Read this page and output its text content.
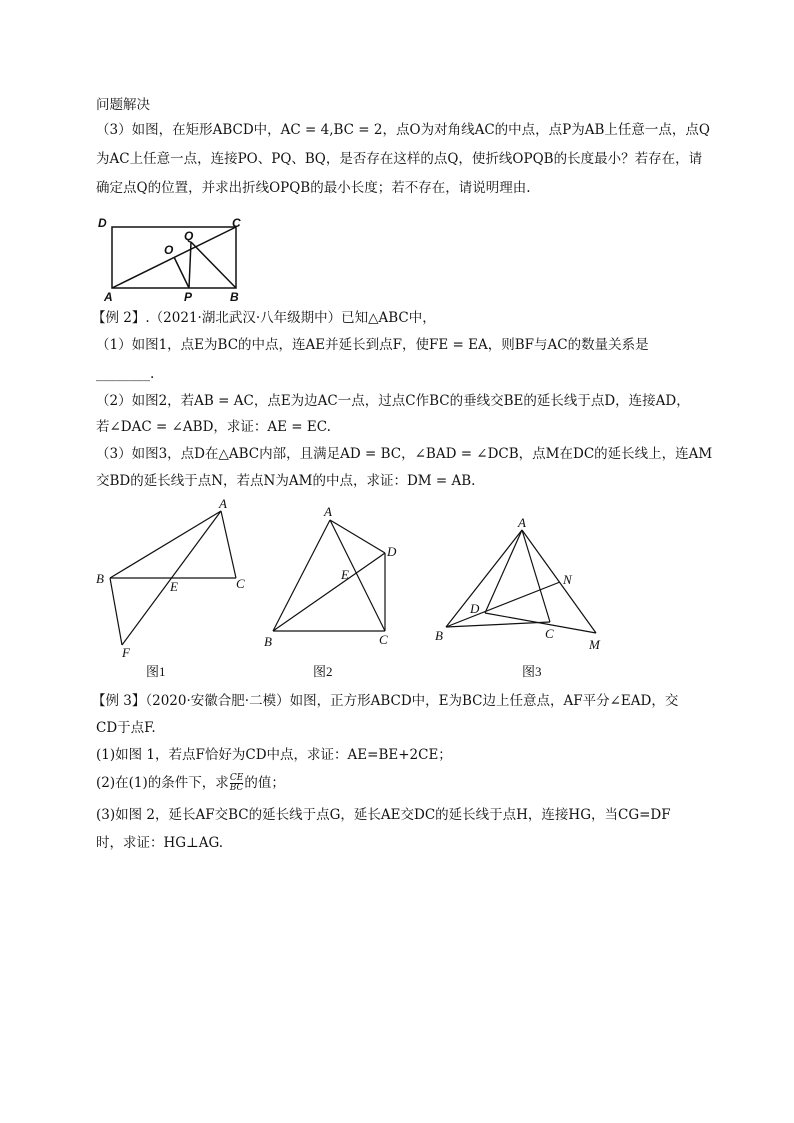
问题解决
（3）如图，在矩形ABCD中，AC = 4,BC = 2，点O为对角线AC的中点，点P为AB上任意一点，点Q
为AC上任意一点，连接PO、PQ、BQ，是否存在这样的点Q，使折线OPQB的长度最小？若存在，请
确定点Q的位置，并求出折线OPQB的最小长度；若不存在，请说明理由.
D	C
Q
O
A	P	B
【例 2】.（2021·湖北武汉·八年级期中）已知△ABC中，
（1）如图1，点E为BC的中点，连AE并延长到点F，使FE = EA，则BF与AC的数量关系是
________.
（2）如图2，若AB = AC，点E为边AC一点，过点C作BC的垂线交BE的延长线于点D，连接AD，
若∠DAC = ∠ABD，求证：AE = EC.
（3）如图3，点D在△ABC内部，且满足AD = BC，∠BAD = ∠DCB，点M在DC的延长线上，连AM
交BD的延长线于点N，若点N为AM的中点，求证：DM = AB.
A
B
E	C
F
图1
A
D
E
B	C
图2
A
N
D
B	C
M
图3
【例 3】（2020·安徽合肥·二模）如图，正方形ABCD中，E为BC边上任意点，AF平分∠EAD，交
CD于点F.
(1)如图 1，若点F恰好为CD中点，求证：AE=BE+2CE；
(2)在(1)的条件下，求 $\frac{CE}{BC}$ 的值；
(3)如图 2，延长AF交BC的延长线于点G，延长AE交DC的延长线于点H，连接HG，当CG=DF
时，求证：HG⊥AG.
